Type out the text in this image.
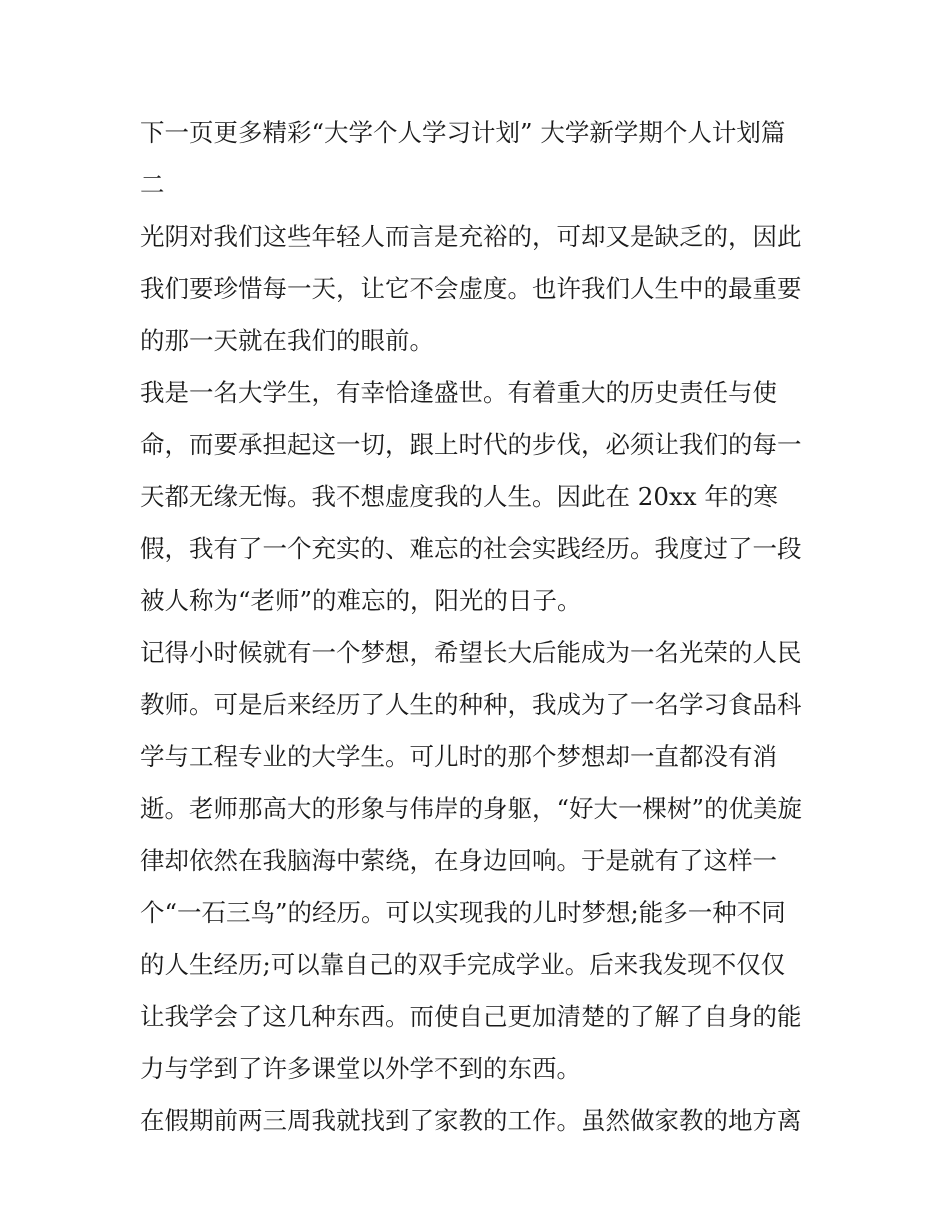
下一页更多精彩“大学个人学习计划” 大学新学期个人计划篇
二
光阴对我们这些年轻人而言是充裕的，可却又是缺乏的，因此
我们要珍惜每一天，让它不会虚度。也许我们人生中的最重要
的那一天就在我们的眼前。
我是一名大学生，有幸恰逢盛世。有着重大的历史责任与使
命，而要承担起这一切，跟上时代的步伐，必须让我们的每一
天都无缘无悔。我不想虚度我的人生。因此在 20xx 年的寒
假，我有了一个充实的、难忘的社会实践经历。我度过了一段
被人称为“老师”的难忘的，阳光的日子。
记得小时候就有一个梦想，希望长大后能成为一名光荣的人民
教师。可是后来经历了人生的种种，我成为了一名学习食品科
学与工程专业的大学生。可儿时的那个梦想却一直都没有消
逝。老师那高大的形象与伟岸的身躯，“好大一棵树”的优美旋
律却依然在我脑海中萦绕，在身边回响。于是就有了这样一
个“一石三鸟”的经历。可以实现我的儿时梦想;能多一种不同
的人生经历;可以靠自己的双手完成学业。后来我发现不仅仅
让我学会了这几种东西。而使自己更加清楚的了解了自身的能
力与学到了许多课堂以外学不到的东西。
在假期前两三周我就找到了家教的工作。虽然做家教的地方离
